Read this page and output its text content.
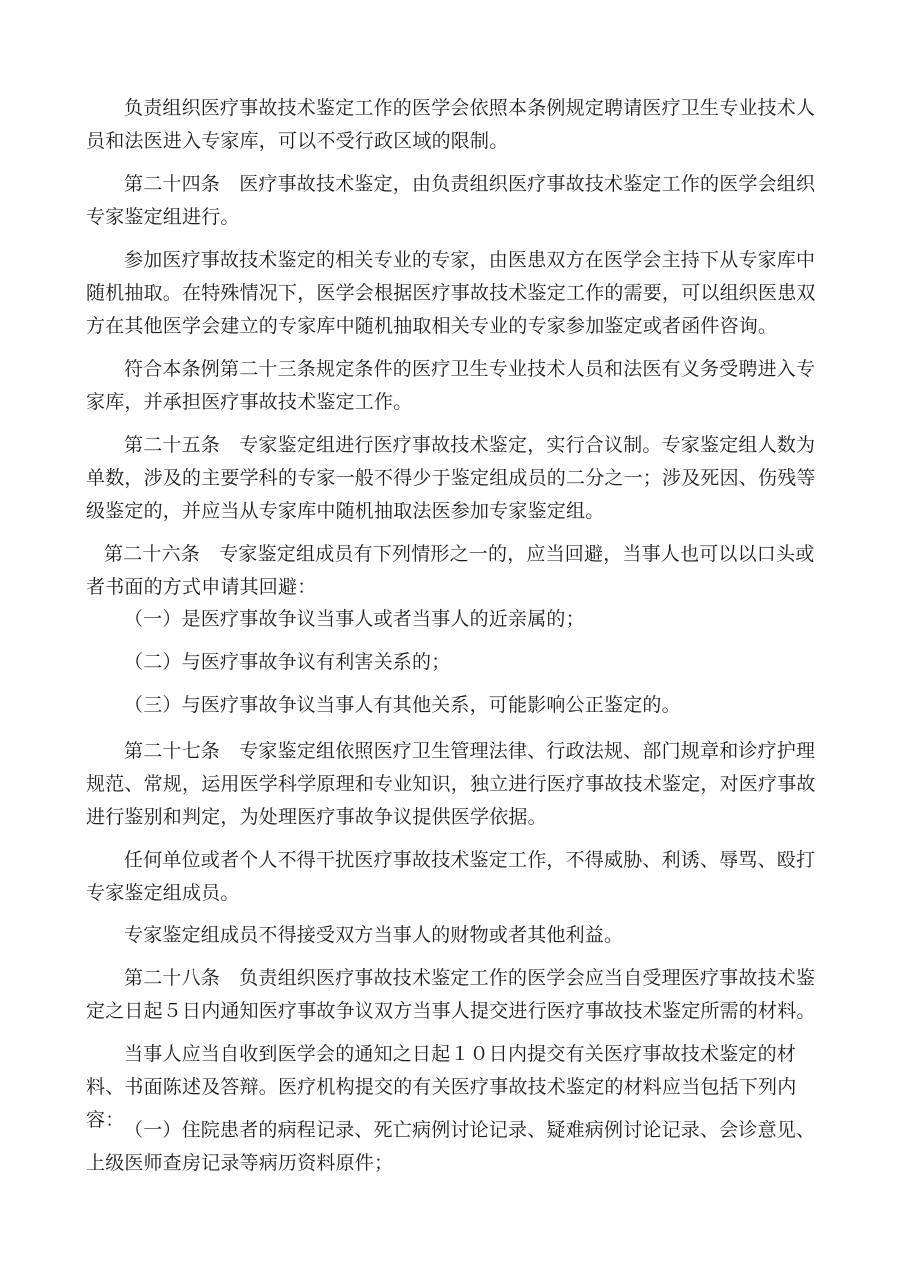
负责组织医疗事故技术鉴定工作的医学会依照本条例规定聘请医疗卫生专业技术人员和法医进入专家库，可以不受行政区域的限制。

第二十四条　医疗事故技术鉴定，由负责组织医疗事故技术鉴定工作的医学会组织专家鉴定组进行。

参加医疗事故技术鉴定的相关专业的专家，由医患双方在医学会主持下从专家库中随机抽取。在特殊情况下，医学会根据医疗事故技术鉴定工作的需要，可以组织医患双方在其他医学会建立的专家库中随机抽取相关专业的专家参加鉴定或者函件咨询。

符合本条例第二十三条规定条件的医疗卫生专业技术人员和法医有义务受聘进入专家库，并承担医疗事故技术鉴定工作。

第二十五条　专家鉴定组进行医疗事故技术鉴定，实行合议制。专家鉴定组人数为单数，涉及的主要学科的专家一般不得少于鉴定组成员的二分之一；涉及死因、伤残等级鉴定的，并应当从专家库中随机抽取法医参加专家鉴定组。

第二十六条　专家鉴定组成员有下列情形之一的，应当回避，当事人也可以以口头或者书面的方式申请其回避：

（一）是医疗事故争议当事人或者当事人的近亲属的；

（二）与医疗事故争议有利害关系的；

（三）与医疗事故争议当事人有其他关系，可能影响公正鉴定的。

第二十七条　专家鉴定组依照医疗卫生管理法律、行政法规、部门规章和诊疗护理规范、常规，运用医学科学原理和专业知识，独立进行医疗事故技术鉴定，对医疗事故进行鉴别和判定，为处理医疗事故争议提供医学依据。

任何单位或者个人不得干扰医疗事故技术鉴定工作，不得威胁、利诱、辱骂、殴打专家鉴定组成员。

专家鉴定组成员不得接受双方当事人的财物或者其他利益。

第二十八条　负责组织医疗事故技术鉴定工作的医学会应当自受理医疗事故技术鉴定之日起５日内通知医疗事故争议双方当事人提交进行医疗事故技术鉴定所需的材料。

当事人应当自收到医学会的通知之日起１０日内提交有关医疗事故技术鉴定的材料、书面陈述及答辩。医疗机构提交的有关医疗事故技术鉴定的材料应当包括下列内容： （一）住院患者的病程记录、死亡病例讨论记录、疑难病例讨论记录、会诊意见、上级医师查房记录等病历资料原件；
